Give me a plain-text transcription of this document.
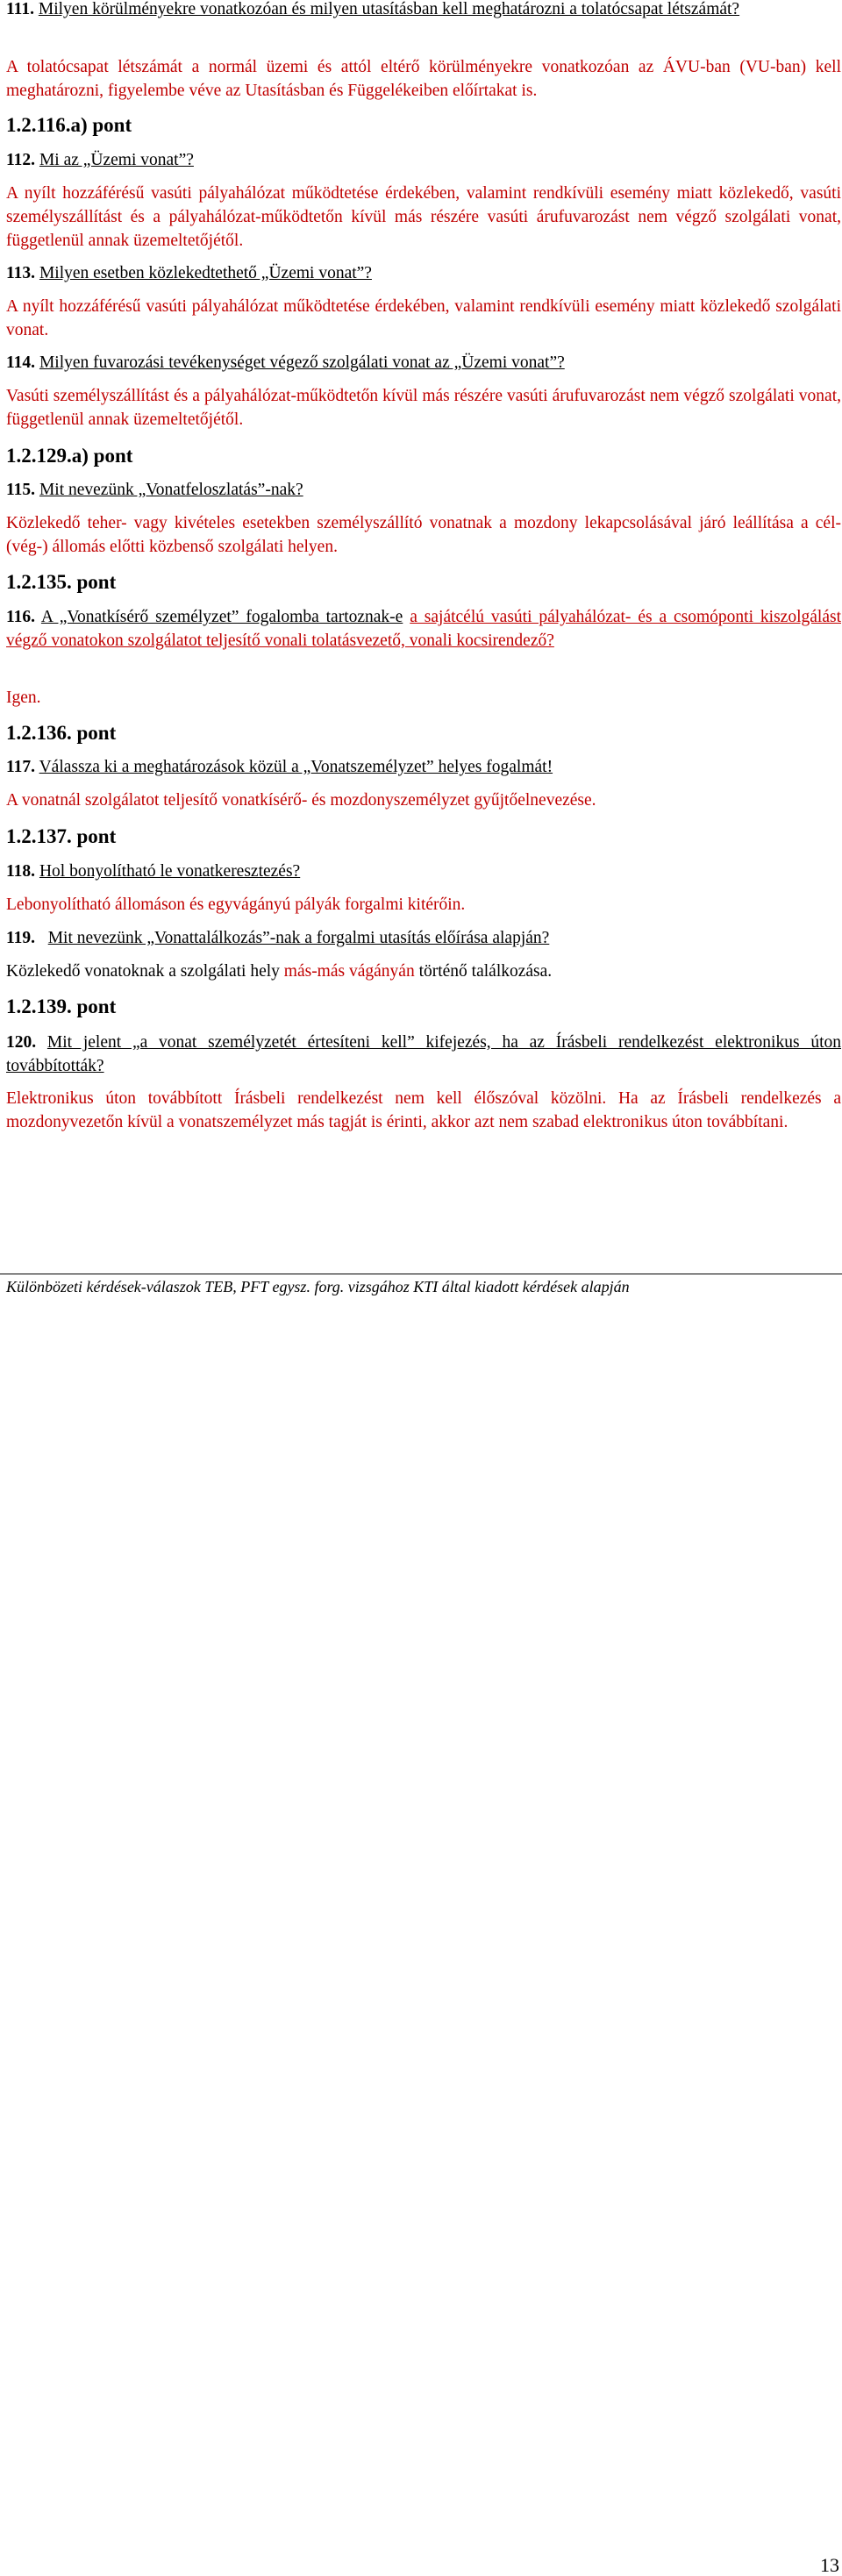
111. Milyen körülményekre vonatkozóan és milyen utasításban kell meghatározni a tolatócsapat létszámát?

A tolatócsapat létszámát a normál üzemi és attól eltérő körülményekre vonatkozóan az ÁVU-ban (VU-ban) kell meghatározni, figyelembe véve az Utasításban és Függelékeiben előírtakat is.

1.2.116.a) pont

112. Mi az „Üzemi vonat”?

A nyílt hozzáférésű vasúti pályahálózat működtetése érdekében, valamint rendkívüli esemény miatt közlekedő, vasúti személyszállítást és a pályahálózat-működtetőn kívül más részére vasúti árufuvarozást nem végző szolgálati vonat, függetlenül annak üzemeltetőjétől.

113. Milyen esetben közlekedtethető „Üzemi vonat”?

A nyílt hozzáférésű vasúti pályahálózat működtetése érdekében, valamint rendkívüli esemény miatt közlekedő szolgálati vonat.

114. Milyen fuvarozási tevékenységet végező szolgálati vonat az „Üzemi vonat”?

Vasúti személyszállítást és a pályahálózat-működtetőn kívül más részére vasúti árufuvarozást nem végző szolgálati vonat, függetlenül annak üzemeltetőjétől.

1.2.129.a) pont

115. Mit nevezünk „Vonatfeloszlatás”-nak?

Közlekedő teher- vagy kivételes esetekben személyszállító vonatnak a mozdony lekapcsolásával járó leállítása a cél- (vég-) állomás előtti közbenső szolgálati helyen.

1.2.135. pont

116. A „Vonatkísérő személyzet” fogalomba tartoznak-e a sajátcélú vasúti pályahálózat- és a csomóponti kiszolgálást végző vonatokon szolgálatot teljesítő vonali tolatásvezető, vonali kocsirendező?

Igen.

1.2.136. pont

117. Válassza ki a meghatározások közül a „Vonatszemélyzet” helyes fogalmát!

A vonatnál szolgálatot teljesítő vonatkísérő- és mozdonyszemélyzet gyűjtőelnevezése.

1.2.137. pont

118. Hol bonyolítható le vonatkeresztezés?

Lebonyolítható állomáson és egyvágányú pályák forgalmi kitérőin.

119. Mit nevezünk „Vonattalálkozás”-nak a forgalmi utasítás előírása alapján?

Közlekedő vonatoknak a szolgálati hely más-más vágányán történő találkozása.

1.2.139. pont

120. Mit jelent „a vonat személyzetét értesíteni kell” kifejezés, ha az Írásbeli rendelkezést elektronikus úton továbbították?

Elektronikus úton továbbított Írásbeli rendelkezést nem kell élőszóval közölni. Ha az Írásbeli rendelkezés a mozdonyvezetőn kívül a vonatszemélyzet más tagját is érinti, akkor azt nem szabad elektronikus úton továbbítani.

Különbözeti kérdések-válaszok TEB, PFT egysz. forg. vizsgához KTI által kiadott kérdések alapján
13
